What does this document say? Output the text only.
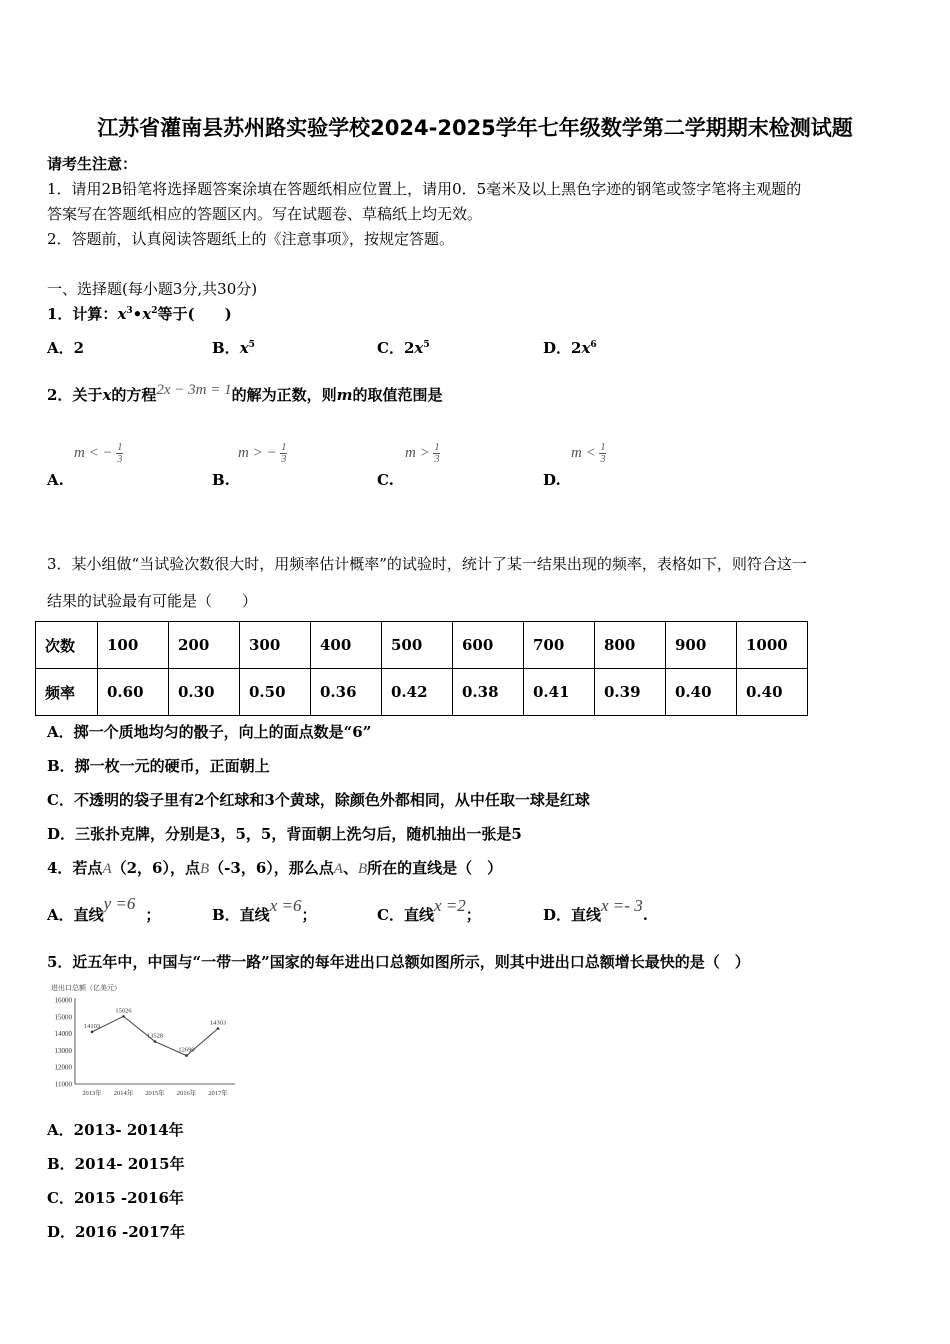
江苏省灌南县苏州路实验学校2024-2025学年七年级数学第二学期期末检测试题
请考生注意：
1．请用2B铅笔将选择题答案涂填在答题纸相应位置上，请用0．5毫米及以上黑色字迹的钢笔或签字笔将主观题的
答案写在答题纸相应的答题区内。写在试题卷、草稿纸上均无效。
2．答题前，认真阅读答题纸上的《注意事项》，按规定答题。
一、选择题(每小题3分,共30分)
1．计算：$x^3•x^2$等于(　　)
A．2	B．$x^5$	C．$2x^5$	D．$2x^6$
2．关于x的方程2x − 3m = 1的解为正数，则m的取值范围是
m < − $\frac{1}{3}$	m > − $\frac{1}{3}$	$m > \frac{1}{3}$	$m < \frac{1}{3}$
A.	B.	C.	D.
3．某小组做“当试验次数很大时，用频率估计概率”的试验时，统计了某一结果出现的频率，表格如下，则符合这一
结果的试验最有可能是（　　）
次数	100	200	300	400	500	600	700	800	900	1000
频率	0.60	0.30	0.50	0.36	0.42	0.38	0.41	0.39	0.40	0.40
A．掷一个质地均匀的骰子，向上的面点数是“6”
B．掷一枚一元的硬币，正面朝上
C．不透明的袋子里有2个红球和3个黄球，除颜色外都相同，从中任取一球是红球
D．三张扑克牌，分别是3，5，5，背面朝上洗匀后，随机抽出一张是5
4．若点A（2，6），点B（-3，6），那么点A、B所在的直线是（　）
A．直线y =6；	B．直线x =6；	C．直线x =2；	D．直线x =- 3.
5．近五年中，中国与“一带一路”国家的每年进出口总额如图所示，则其中进出口总额增长最快的是（　）
进出口总额（亿美元）
11000
12000
13000
14000
15000
16000
14103
15026
13528
12690
14303
2013年 2014年 2015年 2016年 2017年
A．2013- 2014年
B．2014- 2015年
C．2015 -2016年
D．2016 -2017年
